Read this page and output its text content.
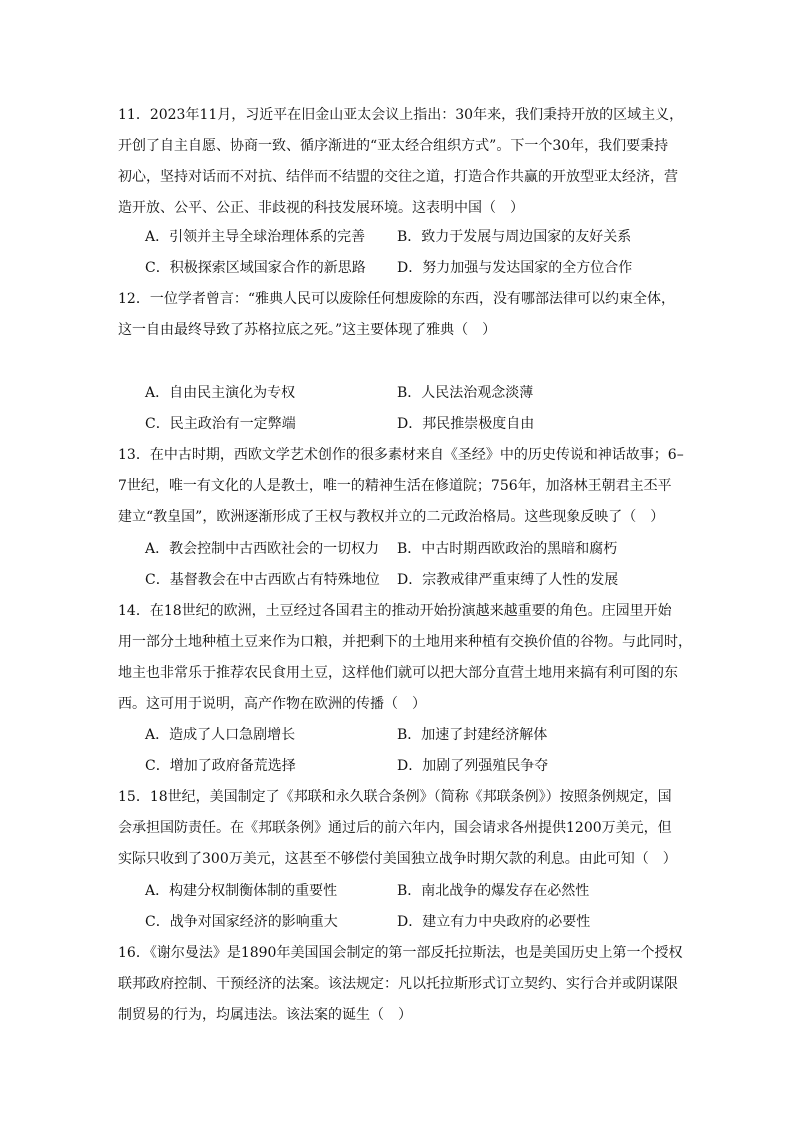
11．2023年11月，习近平在旧金山亚太会议上指出：30年来，我们秉持开放的区域主义，
开创了自主自愿、协商一致、循序渐进的“亚太经合组织方式”。下一个30年，我们要秉持
初心，坚持对话而不对抗、结伴而不结盟的交往之道，打造合作共赢的开放型亚太经济，营
造开放、公平、公正、非歧视的科技发展环境。这表明中国（　）
A．引领并主导全球治理体系的完善 B．致力于发展与周边国家的友好关系
C．积极探索区域国家合作的新思路 D．努力加强与发达国家的全方位合作
12．一位学者曾言：“雅典人民可以废除任何想废除的东西，没有哪部法律可以约束全体，
这一自由最终导致了苏格拉底之死。”这主要体现了雅典（　）
A．自由民主演化为专权	B．人民法治观念淡薄
C．民主政治有一定弊端	D．邦民推崇极度自由
13．在中古时期，西欧文学艺术创作的很多素材来自《圣经》中的历史传说和神话故事；6–
7世纪，唯一有文化的人是教士，唯一的精神生活在修道院；756年，加洛林王朝君主丕平
建立“教皇国”，欧洲逐渐形成了王权与教权并立的二元政治格局。这些现象反映了（　）
A．教会控制中古西欧社会的一切权力 B．中古时期西欧政治的黑暗和腐朽
C．基督教会在中古西欧占有特殊地位 D．宗教戒律严重束缚了人性的发展
14．在18世纪的欧洲，土豆经过各国君主的推动开始扮演越来越重要的角色。庄园里开始
用一部分土地种植土豆来作为口粮，并把剩下的土地用来种植有交换价值的谷物。与此同时，
地主也非常乐于推荐农民食用土豆，这样他们就可以把大部分直营土地用来搞有利可图的东
西。这可用于说明，高产作物在欧洲的传播（　）
A．造成了人口急剧增长	B．加速了封建经济解体
C．增加了政府备荒选择	D．加剧了列强殖民争夺
15．18世纪，美国制定了《邦联和永久联合条例》（简称《邦联条例》）按照条例规定，国
会承担国防责任。在《邦联条例》通过后的前六年内，国会请求各州提供1200万美元，但
实际只收到了300万美元，这甚至不够偿付美国独立战争时期欠款的利息。由此可知（　）
A．构建分权制衡体制的重要性	B．南北战争的爆发存在必然性
C．战争对国家经济的影响重大	D．建立有力中央政府的必要性
16．《谢尔曼法》是1890年美国国会制定的第一部反托拉斯法，也是美国历史上第一个授权
联邦政府控制、干预经济的法案。该法规定：凡以托拉斯形式订立契约、实行合并或阴谋限
制贸易的行为，均属违法。该法案的诞生（　）
